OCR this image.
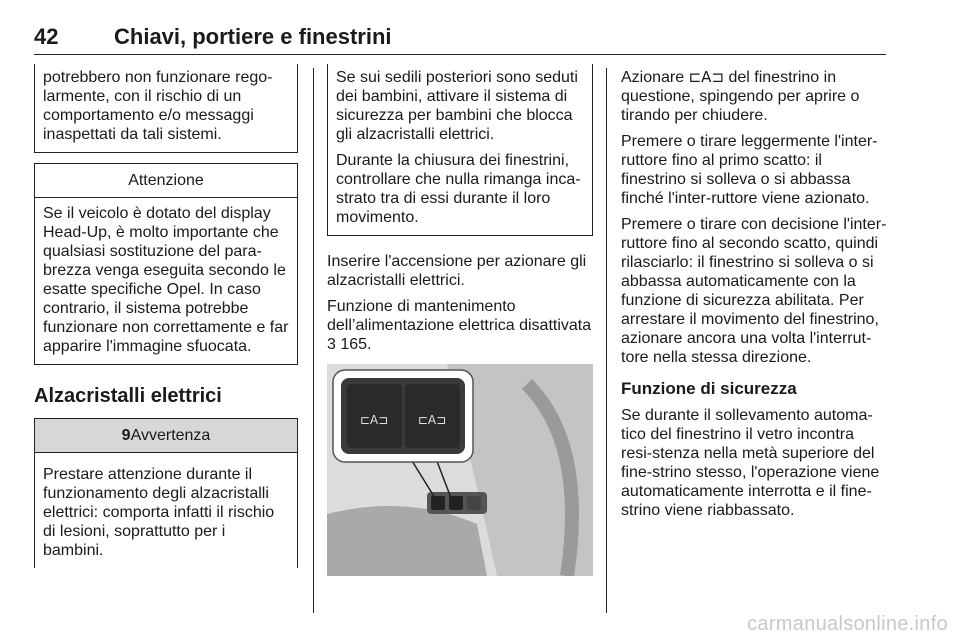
42	Chiavi, portiere e finestrini
potrebbero non funzionare rego-larmente, con il rischio di un comportamento e/o messaggi inaspettati da tali sistemi.
Attenzione
Se il veicolo è dotato del display Head-Up, è molto importante che qualsiasi sostituzione del para-brezza venga eseguita secondo le esatte specifiche Opel. In caso contrario, il sistema potrebbe funzionare non correttamente e far apparire l'immagine sfuocata.
Alzacristalli elettrici
9Avvertenza
Prestare attenzione durante il funzionamento degli alzacristalli elettrici: comporta infatti il rischio di lesioni, soprattutto per i bambini.

Se sui sedili posteriori sono seduti dei bambini, attivare il sistema di sicurezza per bambini che blocca gli alzacristalli elettrici.

Durante la chiusura dei finestrini, controllare che nulla rimanga inca-strato tra di essi durante il loro movimento.

Inserire l'accensione per azionare gli alzacristalli elettrici.

Funzione di mantenimento
dell’alimentazione elettrica disattivata
3 165.

⊏A⊐ ⊏A⊐

Azionare ⊏A⊐ del finestrino in questione, spingendo per aprire o tirando per chiudere.

Premere o tirare leggermente l'inter-ruttore fino al primo scatto: il finestrino si solleva o si abbassa finché l'inter-ruttore viene azionato.

Premere o tirare con decisione l'inter-ruttore fino al secondo scatto, quindi rilasciarlo: il finestrino si solleva o si abbassa automaticamente con la funzione di sicurezza abilitata. Per arrestare il movimento del finestrino, azionare ancora una volta l'interrut-tore nella stessa direzione.

Funzione di sicurezza

Se durante il sollevamento automa-tico del finestrino il vetro incontra resi-stenza nella metà superiore del fine-strino stesso, l'operazione viene automaticamente interrotta e il fine-strino viene riabbassato.

carmanualsonline.info
